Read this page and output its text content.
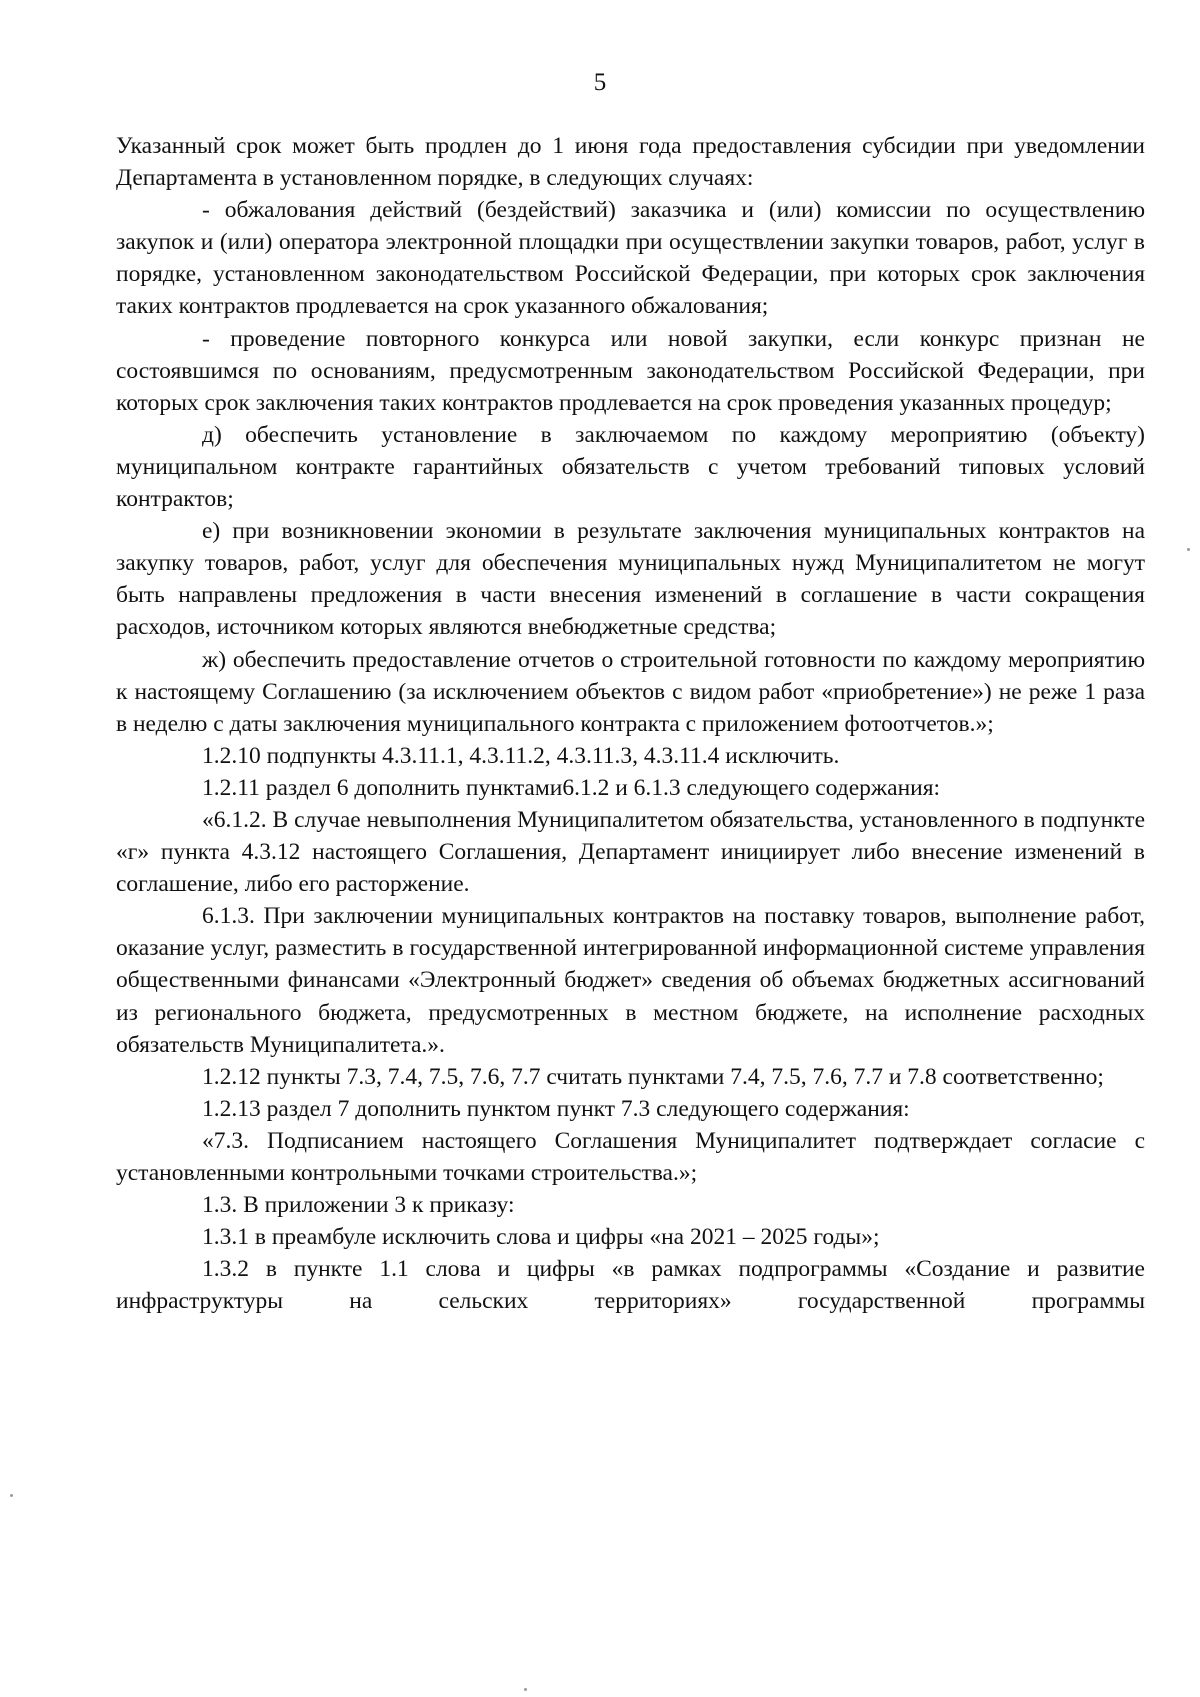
5

Указанный срок может быть продлен до 1 июня года предоставления субсидии при уведомлении Департамента в установленном порядке, в следующих случаях:

- обжалования действий (бездействий) заказчика и (или) комиссии по осуществлению закупок и (или) оператора электронной площадки при осуществлении закупки товаров, работ, услуг в порядке, установленном законодательством Российской Федерации, при которых срок заключения таких контрактов продлевается на срок указанного обжалования;

- проведение повторного конкурса или новой закупки, если конкурс признан не состоявшимся по основаниям, предусмотренным законодательством Российской Федерации, при которых срок заключения таких контрактов продлевается на срок проведения указанных процедур;

д) обеспечить установление в заключаемом по каждому мероприятию (объекту) муниципальном контракте гарантийных обязательств с учетом требований типовых условий контрактов;

е) при возникновении экономии в результате заключения муниципальных контрактов на закупку товаров, работ, услуг для обеспечения муниципальных нужд Муниципалитетом не могут быть направлены предложения в части внесения изменений в соглашение в части сокращения расходов, источником которых являются внебюджетные средства;

ж) обеспечить предоставление отчетов о строительной готовности по каждому мероприятию к настоящему Соглашению (за исключением объектов с видом работ «приобретение») не реже 1 раза в неделю с даты заключения муниципального контракта с приложением фотоотчетов.»;

1.2.10 подпункты 4.3.11.1, 4.3.11.2, 4.3.11.3, 4.3.11.4 исключить.

1.2.11 раздел 6 дополнить пунктами6.1.2 и 6.1.3 следующего содержания:

«6.1.2. В случае невыполнения Муниципалитетом обязательства, установленного в подпункте «г» пункта 4.3.12 настоящего Соглашения, Департамент инициирует либо внесение изменений в соглашение, либо его расторжение.

6.1.3. При заключении муниципальных контрактов на поставку товаров, выполнение работ, оказание услуг, разместить в государственной интегрированной информационной системе управления общественными финансами «Электронный бюджет» сведения об объемах бюджетных ассигнований из регионального бюджета, предусмотренных в местном бюджете, на исполнение расходных обязательств Муниципалитета.».

1.2.12 пункты 7.3, 7.4, 7.5, 7.6, 7.7 считать пунктами 7.4, 7.5, 7.6, 7.7 и 7.8 соответственно;

1.2.13 раздел 7 дополнить пунктом пункт 7.3 следующего содержания:

«7.3. Подписанием настоящего Соглашения Муниципалитет подтверждает согласие с установленными контрольными точками строительства.»;

1.3. В приложении 3 к приказу:

1.3.1 в преамбуле исключить слова и цифры «на 2021 – 2025 годы»;

1.3.2 в пункте 1.1 слова и цифры «в рамках подпрограммы «Создание и развитие инфраструктуры на сельских территориях» государственной программы
